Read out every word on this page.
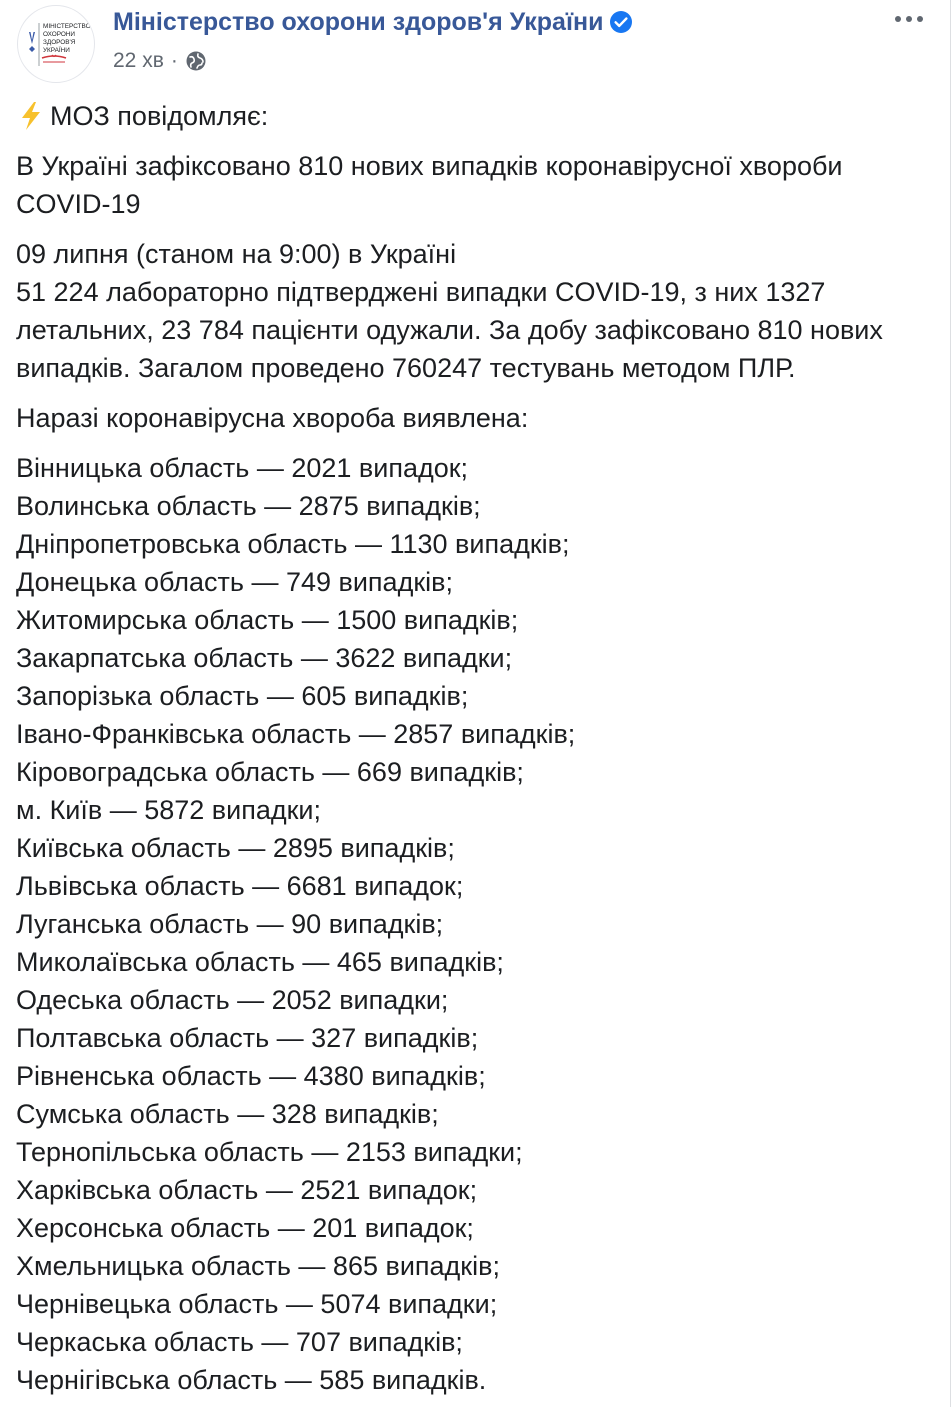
МІНІСТЕРСТВО
ОХОРОНИ
ЗДОРОВ'Я
УКРАЇНИ
Міністерство охорони здоров'я України
22 хв ·
МОЗ повідомляє:

В Україні зафіксовано 810 нових випадків коронавірусної хвороби COVID-19

09 липня (станом на 9:00) в Україні
51 224 лабораторно підтверджені випадки COVID-19, з них 1327 летальних, 23 784 пацієнти одужали. За добу зафіксовано 810 нових випадків. Загалом проведено 760247 тестувань методом ПЛР.

Наразі коронавірусна хвороба виявлена:

Вінницька область — 2021 випадок;
Волинська область — 2875 випадків;
Дніпропетровська область — 1130 випадків;
Донецька область — 749 випадків;
Житомирська область — 1500 випадків;
Закарпатська область — 3622 випадки;
Запорізька область — 605 випадків;
Івано-Франківська область — 2857 випадків;
Кіровоградська область — 669 випадків;
м. Київ — 5872 випадки;
Київська область — 2895 випадків;
Львівська область — 6681 випадок;
Луганська область — 90 випадків;
Миколаївська область — 465 випадків;
Одеська область — 2052 випадки;
Полтавська область — 327 випадків;
Рівненська область — 4380 випадків;
Сумська область — 328 випадків;
Тернопільська область — 2153 випадки;
Харківська область — 2521 випадок;
Херсонська область — 201 випадок;
Хмельницька область — 865 випадків;
Чернівецька область — 5074 випадки;
Черкаська область — 707 випадків;
Чернігівська область — 585 випадків.
